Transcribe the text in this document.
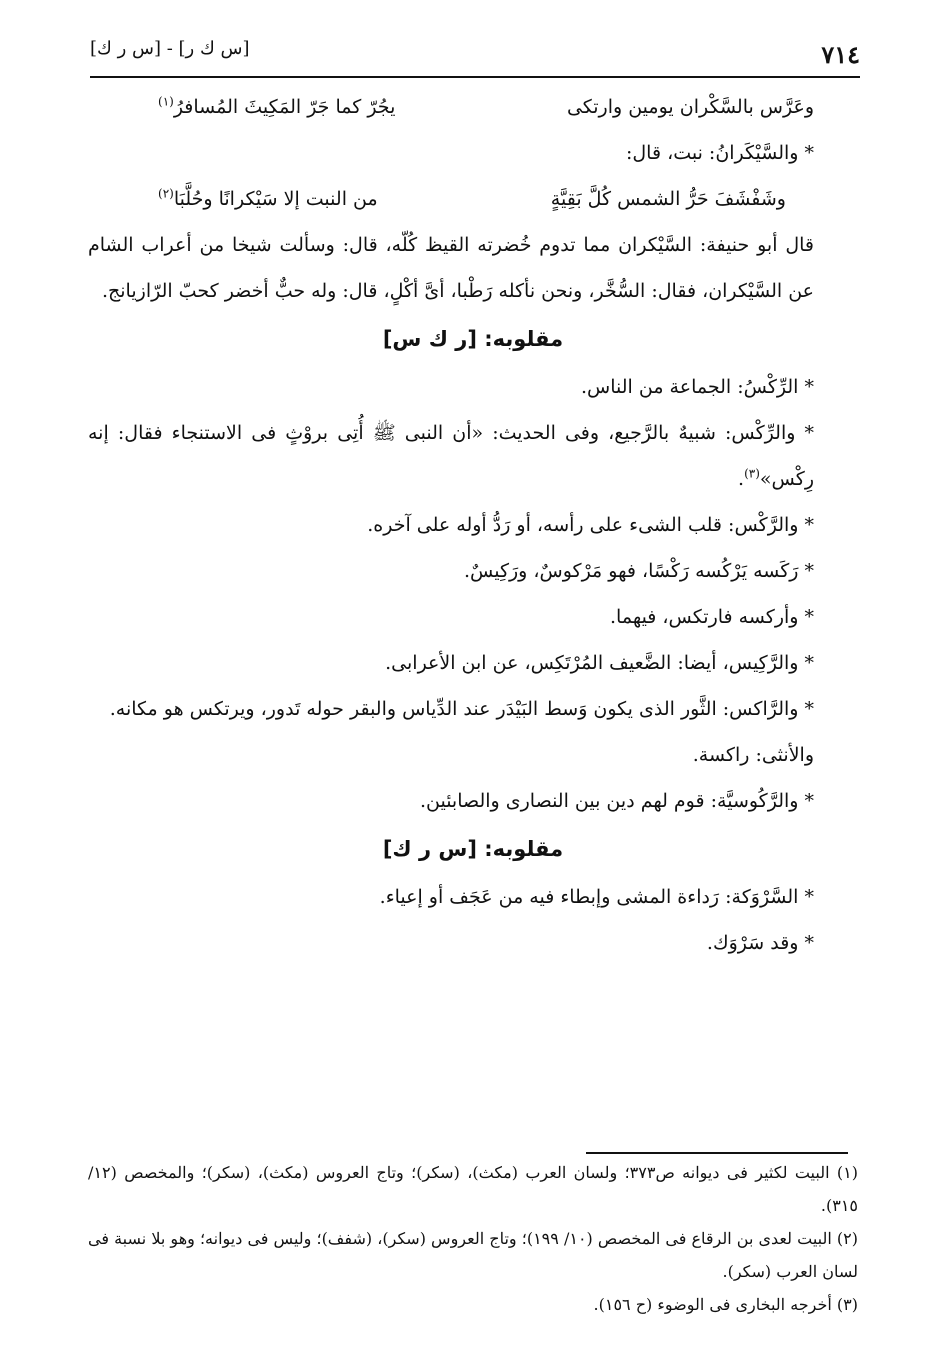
٧١٤
[س ك ر] - [س ر ك]
وعَرَّس بالسَّكْران يومين وارتكى
يجُرّ كما جَرّ المَكِيثَ المُسافرُ$^{(١)}$

* والسَّيْكَرانُ: نبت، قال:

وشَفْشَفَ حَرُّ الشمس كُلَّ بَقِيَّةٍ
من النبت إلا سَيْكرانًا وحُلَّبَا$^{(٢)}$

قال أبو حنيفة: السَّيْكران مما تدوم خُضرته القيظ كُلّه، قال: وسألت شيخا من أعراب الشام عن السَّيْكران، فقال: السُّخَّر، ونحن نأكله رَطْبا، أىَّ أكْلٍ، قال: وله حبٌّ أخضر كحبّ الرّازيانج.

مقلوبه: [ر ك س]

* الرِّكْسُ: الجماعة من الناس.

* والرِّكْس: شبيهٌ بالرَّجيع، وفى الحديث: «أن النبى ﷺ أُتِى بروْثٍ فى الاستنجاء فقال: إنه رِكْس»$^{(٣)}$.

* والرَّكْس: قلب الشىء على رأسه، أو رَدُّ أوله على آخره.

* رَكَسه يَرْكُسه رَكْسًا، فهو مَرْكوسٌ، ورَكِيسٌ.

* وأركسه فارتكس، فيهما.

* والرَّكِيس، أيضا: الضَّعيف المُرْتَكِس، عن ابن الأعرابى.

* والرَّاكس: الثَّور الذى يكون وَسط البَيْدَر عند الدِّياس والبقر حوله تَدور، ويرتكس هو مكانه.

والأنثى: راكسة.

* والرَّكُوسيَّة: قوم لهم دين بين النصارى والصابئين.

مقلوبه: [س ر ك]

* السَّرْوَكة: رَداءة المشى وإبطاء فيه من عَجَف أو إعياء.

* وقد سَرْوَك.

(١) البيت لكثير فى ديوانه ص٣٧٣؛ ولسان العرب (مكث)، (سكر)؛ وتاج العروس (مكث)، (سكر)؛ والمخصص (١٢/ ٣١٥).

(٢) البيت لعدى بن الرقاع فى المخصص (١٠/ ١٩٩)؛ وتاج العروس (سكر)، (شفف)؛ وليس فى ديوانه؛ وهو بلا نسبة فى لسان العرب (سكر).

(٣) أخرجه البخارى فى الوضوء (ح ١٥٦).
